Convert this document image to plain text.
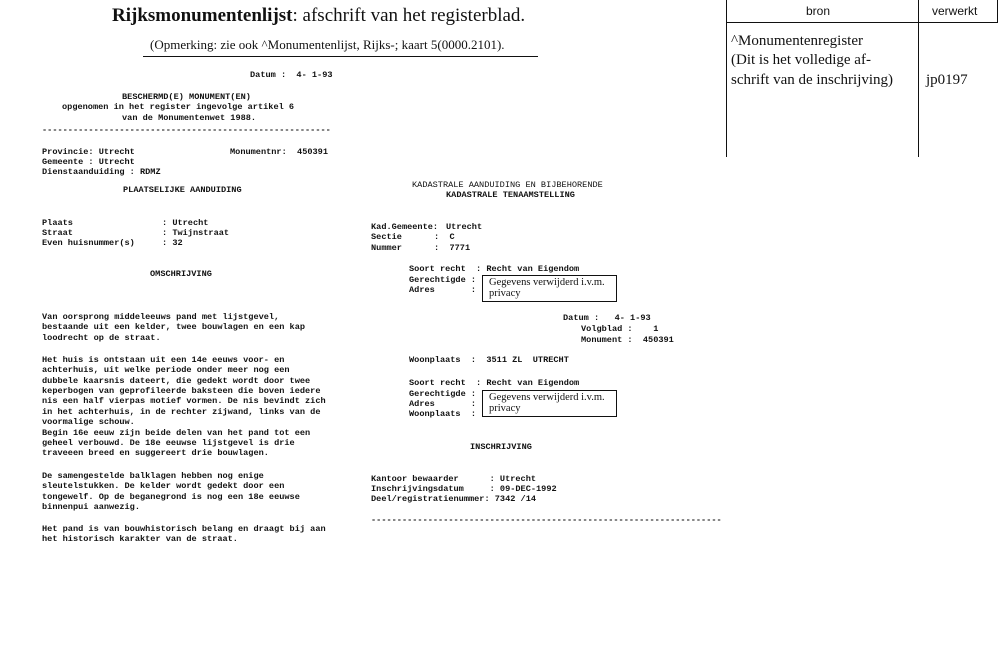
Rijksmonumentenlijst: afschrift van het registerblad.
(Opmerking: zie ook ^Monumentenlijst, Rijks-; kaart 5(0000.2101).
bron	verwerkt
^Monumentenregister
(Dit is het volledige af-
schrift van de inschrijving) jp0197
Datum :  4- 1-93
BESCHERMD(E) MONUMENT(EN)
opgenomen in het register ingevolge artikel 6
van de Monumentenwet 1988.
--------------------------------------------------------
Provincie: Utrecht	Monumentnr:  450391
Gemeente : Utrecht
Dienstaanduiding : RDMZ
PLAATSELIJKE AANDUIDING
Plaats	: Utrecht
Straat	: Twijnstraat
Even huisnummer(s)	: 32
OMSCHRIJVING

Van oorsprong middeleeuws pand met lijstgevel,
bestaande uit een kelder, twee bouwlagen en een kap
loodrecht op de straat.

Het huis is ontstaan uit een 14e eeuws voor- en
achterhuis, uit welke periode onder meer nog een
dubbele kaarsnis dateert, die gedekt wordt door twee
keperbogen van geprofileerde baksteen die boven iedere
nis een half vierpas motief vormen. De nis bevindt zich
in het achterhuis, in de rechter zijwand, links van de
voormalige schouw.
Begin 16e eeuw zijn beide delen van het pand tot een
geheel verbouwd. De 18e eeuwse lijstgevel is drie
traveeen breed en suggereert drie bouwlagen.

De samengestelde balklagen hebben nog enige
sleutelstukken. De kelder wordt gedekt door een
tongewelf. Op de beganegrond is nog een 18e eeuwse
binnenpui aanwezig.

Het pand is van bouwhistorisch belang en draagt bij aan
het historisch karakter van de straat.

KADASTRALE AANDUIDING EN BIJBEHORENDE
KADASTRALE TENAAMSTELLING
Kad.Gemeente: Utrecht
Sectie	:  C
Nummer	:  7771
Soort recht  : Recht van Eigendom
Gerechtigde :
Adres       :
Gegevens verwijderd i.v.m.
privacy
Datum :   4- 1-93
Volgblad :    1
Monument :  450391
Woonplaats  :  3511 ZL  UTRECHT
Soort recht  : Recht van Eigendom
Gerechtigde :
Adres       :
Woonplaats  :
Gegevens verwijderd i.v.m.
privacy
INSCHRIJVING
Kantoor bewaarder      : Utrecht
Inschrijvingsdatum     : 09-DEC-1992
Deel/registratienummer: 7342 /14
--------------------------------------------------------------------
